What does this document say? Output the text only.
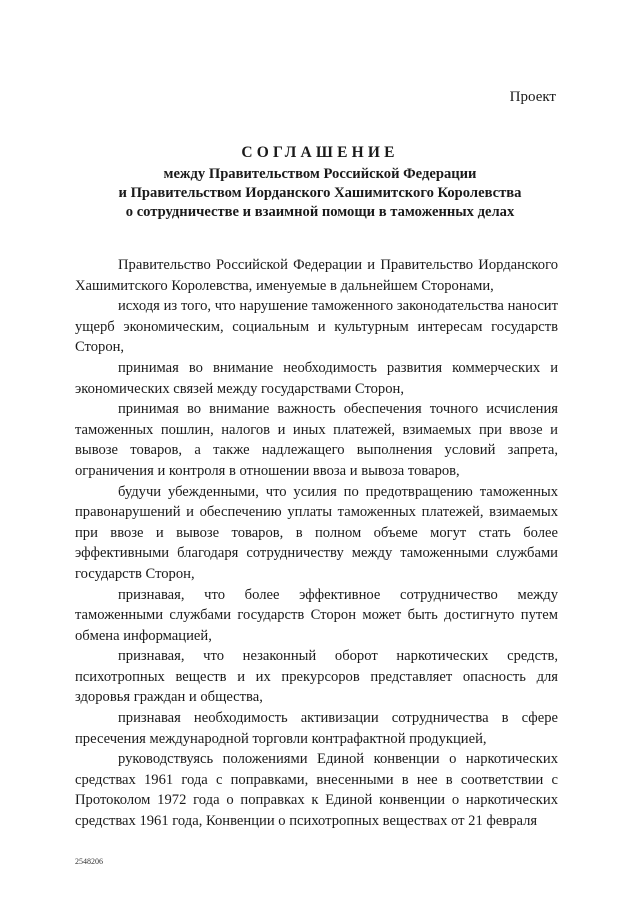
Проект
СОГЛАШЕНИЕ
между Правительством Российской Федерации
и Правительством Иорданского Хашимитского Королевства
о сотрудничестве и взаимной помощи в таможенных делах

Правительство Российской Федерации и Правительство Иорданского Хашимитского Королевства, именуемые в дальнейшем Сторонами,

исходя из того, что нарушение таможенного законодательства наносит ущерб экономическим, социальным и культурным интересам государств Сторон,

принимая во внимание необходимость развития коммерческих и экономических связей между государствами Сторон,

принимая во внимание важность обеспечения точного исчисления таможенных пошлин, налогов и иных платежей, взимаемых при ввозе и вывозе товаров, а также надлежащего выполнения условий запрета, ограничения и контроля в отношении ввоза и вывоза товаров,

будучи убежденными, что усилия по предотвращению таможенных правонарушений и обеспечению уплаты таможенных платежей, взимаемых при ввозе и вывозе товаров, в полном объеме могут стать более эффективными благодаря сотрудничеству между таможенными службами государств Сторон,

признавая, что более эффективное сотрудничество между таможенными службами государств Сторон может быть достигнуто путем обмена информацией,

признавая, что незаконный оборот наркотических средств, психотропных веществ и их прекурсоров представляет опасность для здоровья граждан и общества,

признавая необходимость активизации сотрудничества в сфере пресечения международной торговли контрафактной продукцией,

руководствуясь положениями Единой конвенции о наркотических средствах 1961 года с поправками, внесенными в нее в соответствии с Протоколом 1972 года о поправках к Единой конвенции о наркотических средствах 1961 года, Конвенции о психотропных веществах от 21 февраля

2548206
